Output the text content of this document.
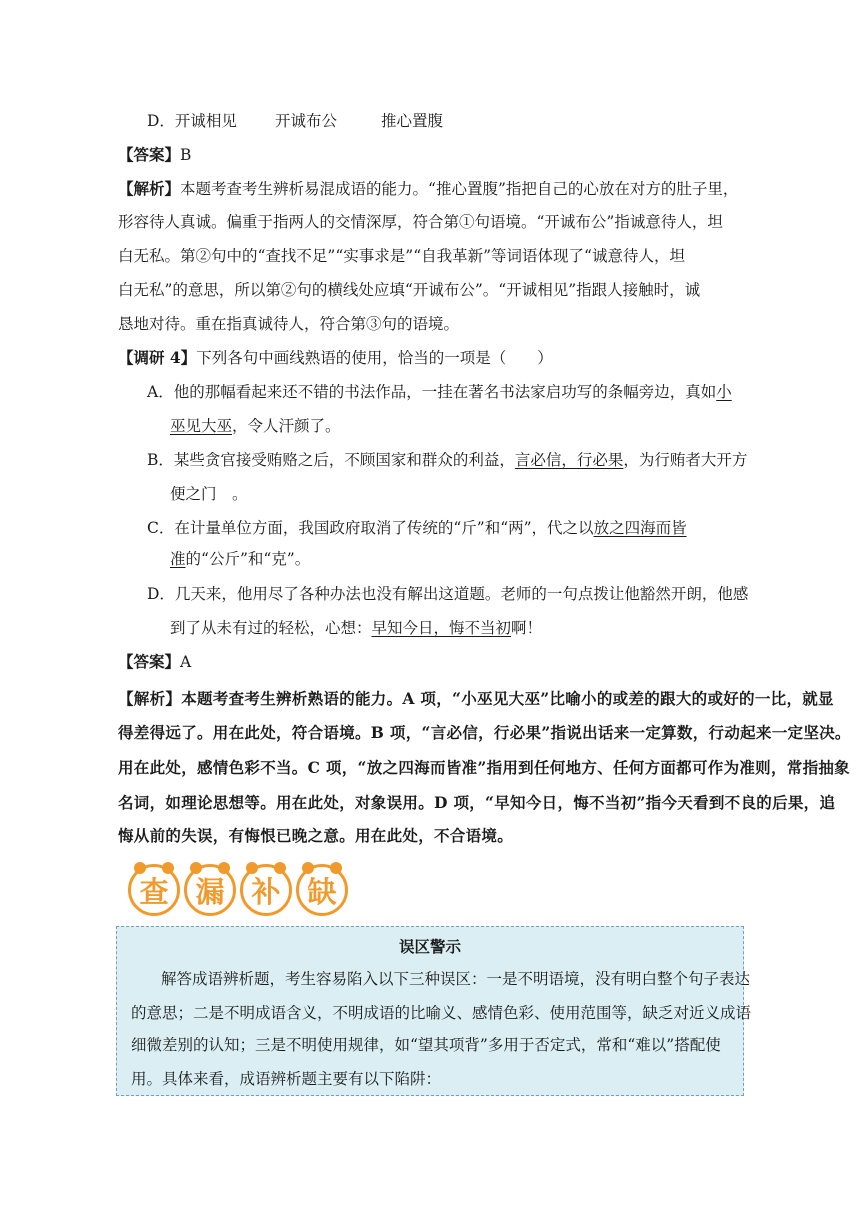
D．开诚相见 开诚布公	推心置腹
【答案】B
【解析】本题考查考生辨析易混成语的能力。“推心置腹”指把自己的心放在对方的肚子里，
形容待人真诚。偏重于指两人的交情深厚，符合第①句语境。“开诚布公”指诚意待人，坦
白无私。第②句中的“查找不足”“实事求是”“自我革新”等词语体现了“诚意待人，坦
白无私”的意思，所以第②句的横线处应填“开诚布公”。“开诚相见”指跟人接触时，诚
恳地对待。重在指真诚待人，符合第③句的语境。
【调研 4】下列各句中画线熟语的使用，恰当的一项是（　　）
A．他的那幅看起来还不错的书法作品，一挂在著名书法家启功写的条幅旁边，真如小
巫见大巫，令人汗颜了。
B．某些贪官接受贿赂之后，不顾国家和群众的利益，言必信，行必果，为行贿者大开方
便之门　。
C．在计量单位方面，我国政府取消了传统的“斤”和“两”，代之以放之四海而皆
准的“公斤”和“克”。
D．几天来，他用尽了各种办法也没有解出这道题。老师的一句点拨让他豁然开朗，他感
到了从未有过的轻松，心想：早知今日，悔不当初啊！
【答案】A
【解析】本题考查考生辨析熟语的能力。A 项，“小巫见大巫”比喻小的或差的跟大的或好的一比，就显
得差得远了。用在此处，符合语境。B 项，“言必信，行必果”指说出话来一定算数，行动起来一定坚决。
用在此处，感情色彩不当。C 项，“放之四海而皆准”指用到任何地方、任何方面都可作为准则，常指抽象
名词，如理论思想等。用在此处，对象误用。D 项，“早知今日，悔不当初”指今天看到不良的后果，追
悔从前的失误，有悔恨已晚之意。用在此处，不合语境。
查 漏 补 缺
误区警示
解答成语辨析题，考生容易陷入以下三种误区：一是不明语境，没有明白整个句子表达
的意思；二是不明成语含义，不明成语的比喻义、感情色彩、使用范围等，缺乏对近义成语
细微差别的认知；三是不明使用规律，如“望其项背”多用于否定式，常和“难以”搭配使
用。具体来看，成语辨析题主要有以下陷阱：
